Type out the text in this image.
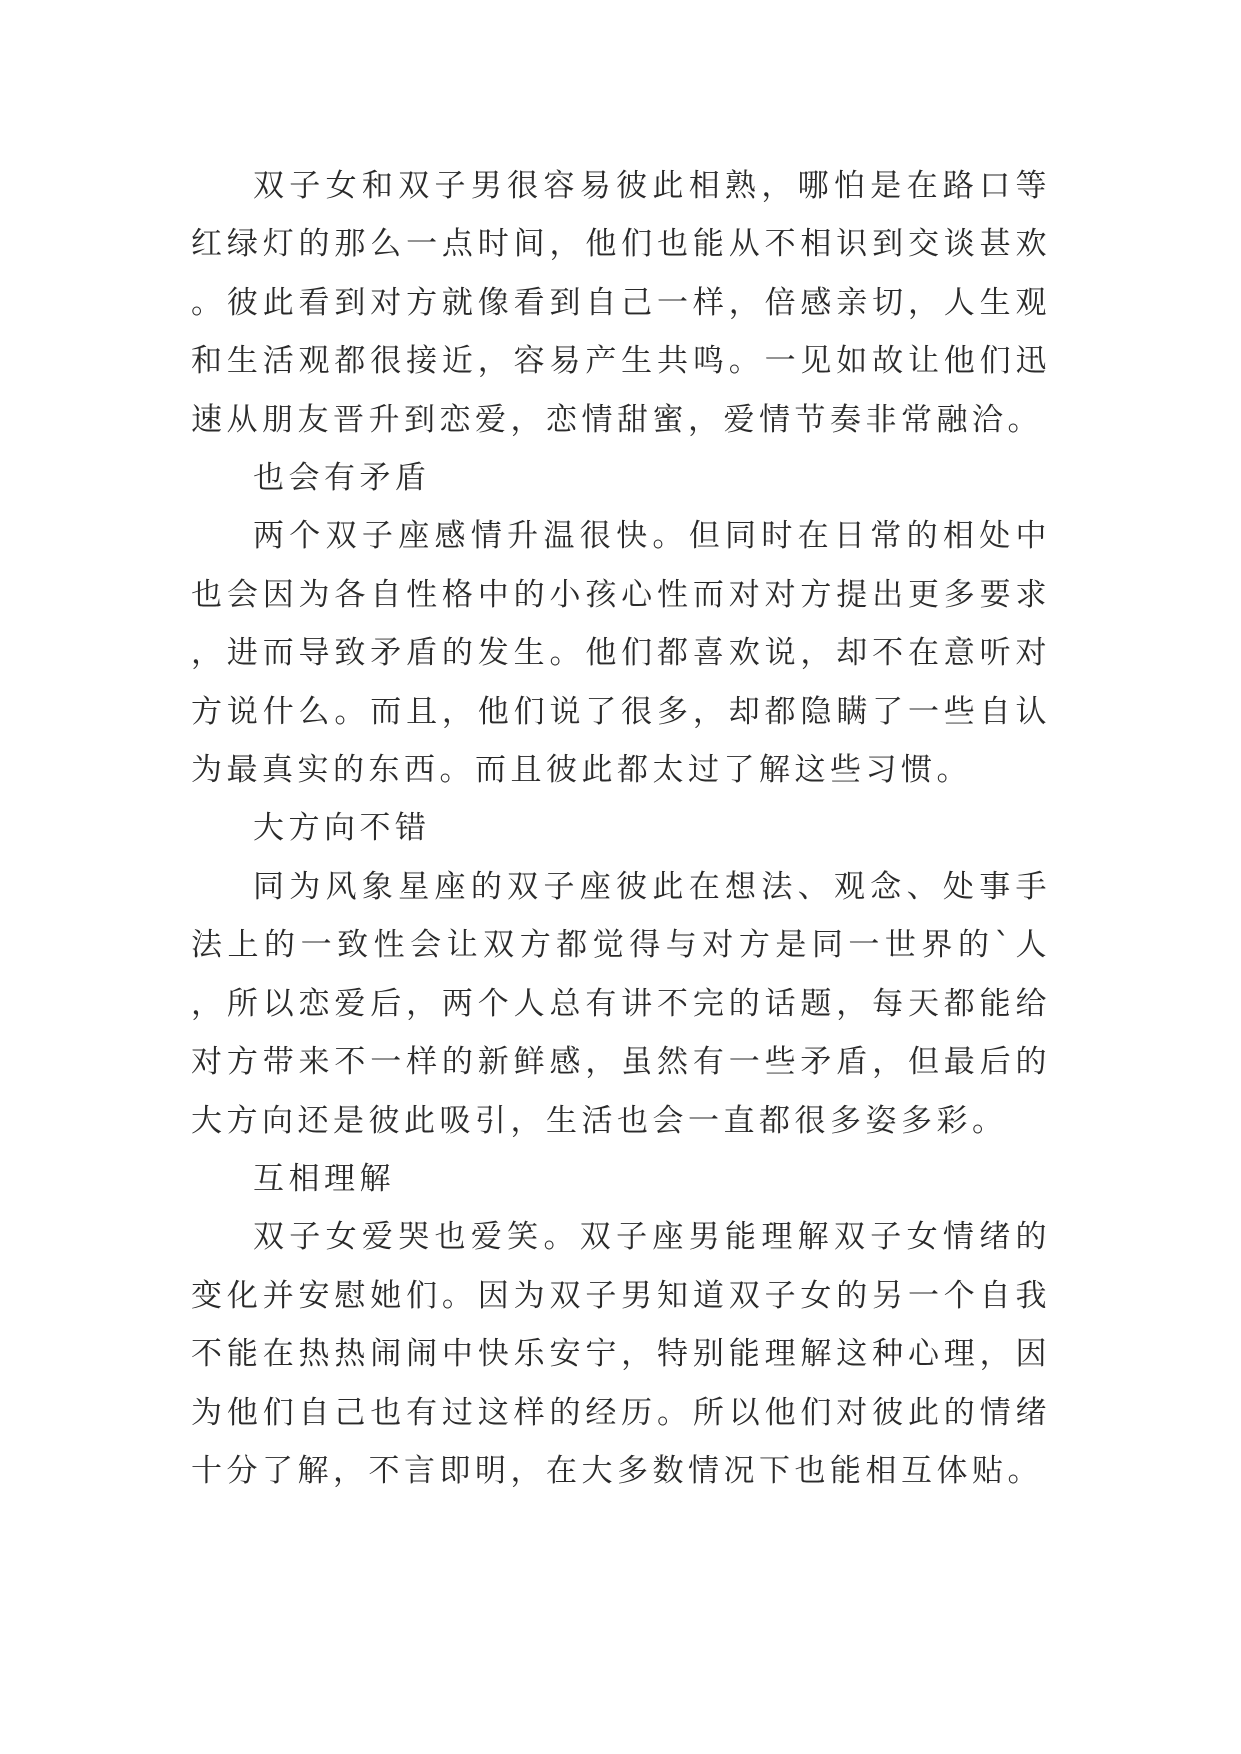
双子女和双子男很容易彼此相熟，哪怕是在路口等红绿灯的那么一点时间，他们也能从不相识到交谈甚欢。彼此看到对方就像看到自己一样，倍感亲切，人生观和生活观都很接近，容易产生共鸣。一见如故让他们迅速从朋友晋升到恋爱，恋情甜蜜，爱情节奏非常融洽。

也会有矛盾

两个双子座感情升温很快。但同时在日常的相处中也会因为各自性格中的小孩心性而对对方提出更多要求，进而导致矛盾的发生。他们都喜欢说，却不在意听对方说什么。而且，他们说了很多，却都隐瞒了一些自认为最真实的东西。而且彼此都太过了解这些习惯。

大方向不错

同为风象星座的双子座彼此在想法、观念、处事手法上的一致性会让双方都觉得与对方是同一世界的`人，所以恋爱后，两个人总有讲不完的话题，每天都能给对方带来不一样的新鲜感，虽然有一些矛盾，但最后的大方向还是彼此吸引，生活也会一直都很多姿多彩。

互相理解

双子女爱哭也爱笑。双子座男能理解双子女情绪的变化并安慰她们。因为双子男知道双子女的另一个自我不能在热热闹闹中快乐安宁，特别能理解这种心理，因为他们自己也有过这样的经历。所以他们对彼此的情绪十分了解，不言即明，在大多数情况下也能相互体贴。
